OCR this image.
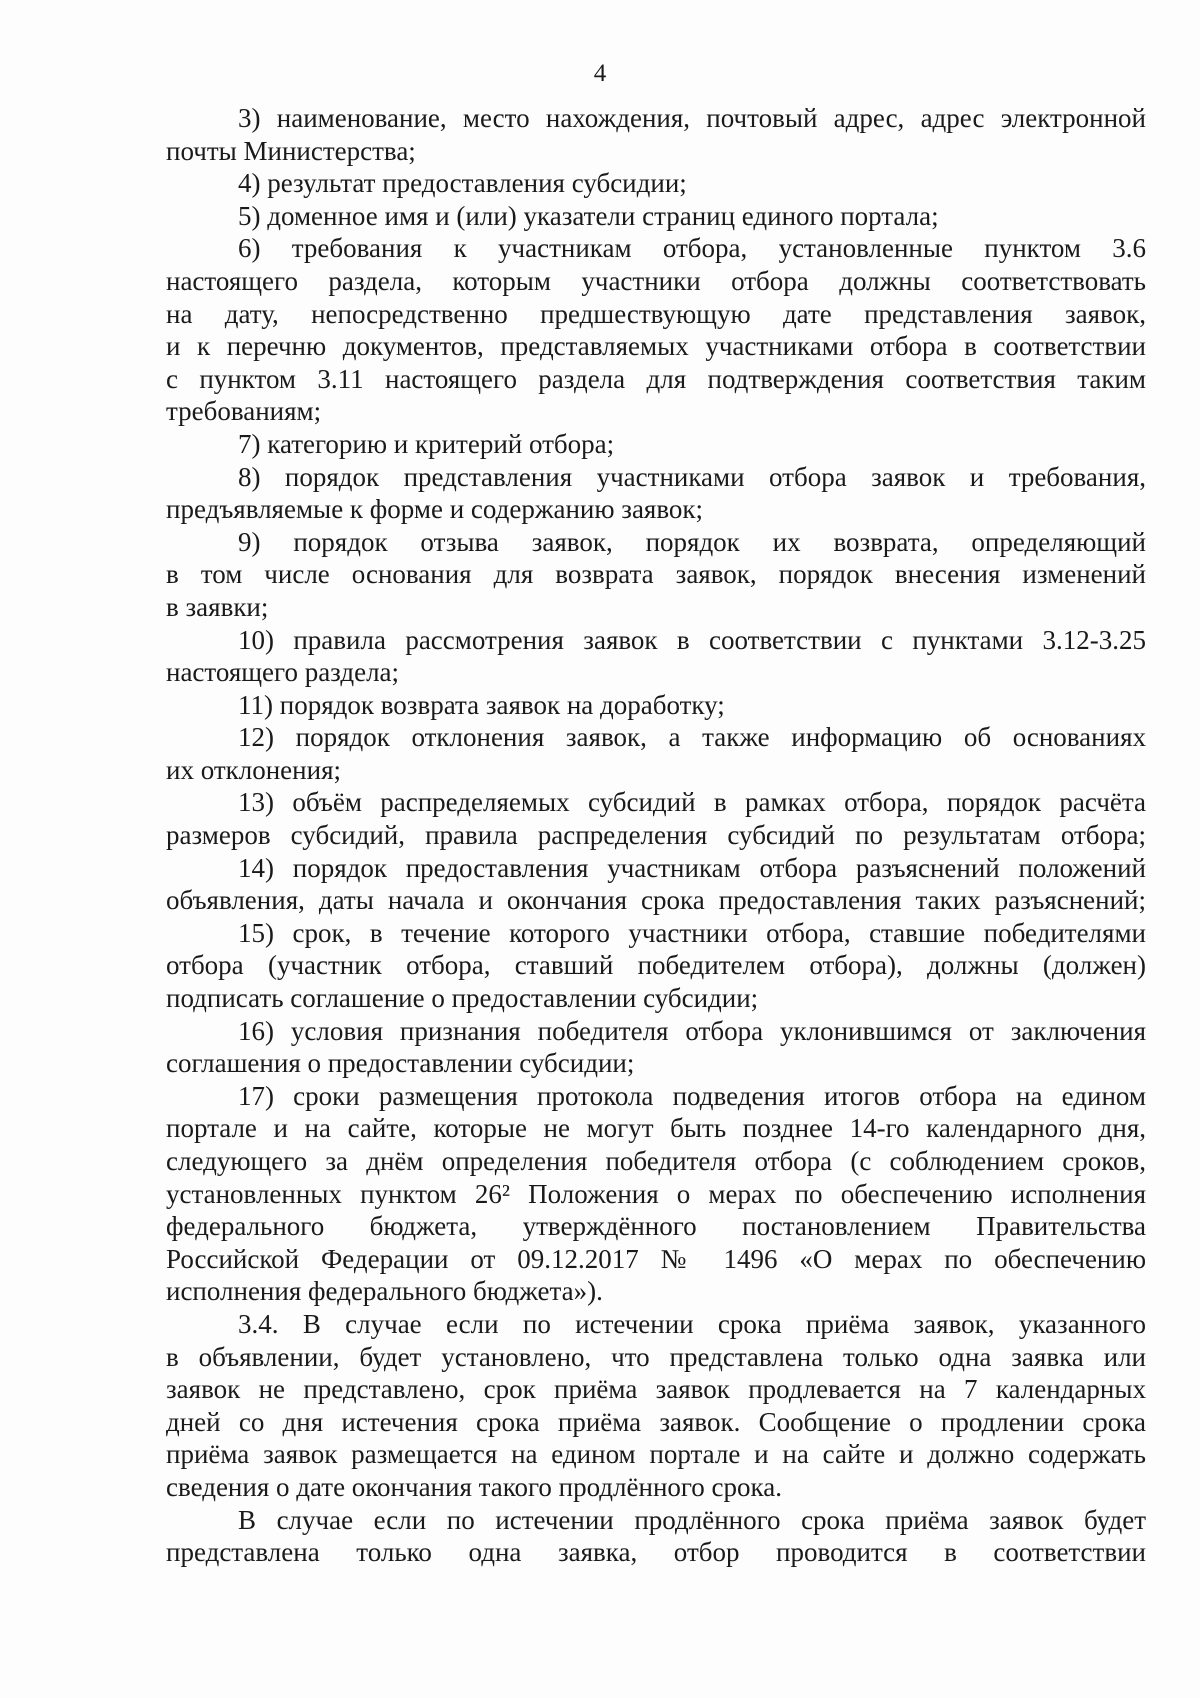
4
3) наименование, место нахождения, почтовый адрес, адрес электронной
почты Министерства;
4) результат предоставления субсидии;
5) доменное имя и (или) указатели страниц единого портала;
6) требования к участникам отбора, установленные пунктом 3.6
настоящего раздела, которым участники отбора должны соответствовать
на дату, непосредственно предшествующую дате представления заявок,
и к перечню документов, представляемых участниками отбора в соответствии
с пунктом 3.11 настоящего раздела для подтверждения соответствия таким
требованиям;
7) категорию и критерий отбора;
8) порядок представления участниками отбора заявок и требования,
предъявляемые к форме и содержанию заявок;
9) порядок отзыва заявок, порядок их возврата, определяющий
в том числе основания для возврата заявок, порядок внесения изменений
в заявки;
10) правила рассмотрения заявок в соответствии с пунктами 3.12-3.25
настоящего раздела;
11) порядок возврата заявок на доработку;
12) порядок отклонения заявок, а также информацию об основаниях
их отклонения;
13) объём распределяемых субсидий в рамках отбора, порядок расчёта
размеров субсидий, правила распределения субсидий по результатам отбора;
14) порядок предоставления участникам отбора разъяснений положений
объявления, даты начала и окончания срока предоставления таких разъяснений;
15) срок, в течение которого участники отбора, ставшие победителями
отбора (участник отбора, ставший победителем отбора), должны (должен)
подписать соглашение о предоставлении субсидии;
16) условия признания победителя отбора уклонившимся от заключения
соглашения о предоставлении субсидии;
17) сроки размещения протокола подведения итогов отбора на едином
портале и на сайте, которые не могут быть позднее 14-го календарного дня,
следующего за днём определения победителя отбора (с соблюдением сроков,
установленных пунктом 26² Положения о мерах по обеспечению исполнения
федерального бюджета, утверждённого постановлением Правительства
Российской Федерации от 09.12.2017 № 1496 «О мерах по обеспечению
исполнения федерального бюджета»).
3.4. В случае если по истечении срока приёма заявок, указанного
в объявлении, будет установлено, что представлена только одна заявка или
заявок не представлено, срок приёма заявок продлевается на 7 календарных
дней со дня истечения срока приёма заявок. Сообщение о продлении срока
приёма заявок размещается на едином портале и на сайте и должно содержать
сведения о дате окончания такого продлённого срока.
В случае если по истечении продлённого срока приёма заявок будет
представлена только одна заявка, отбор проводится в соответствии
